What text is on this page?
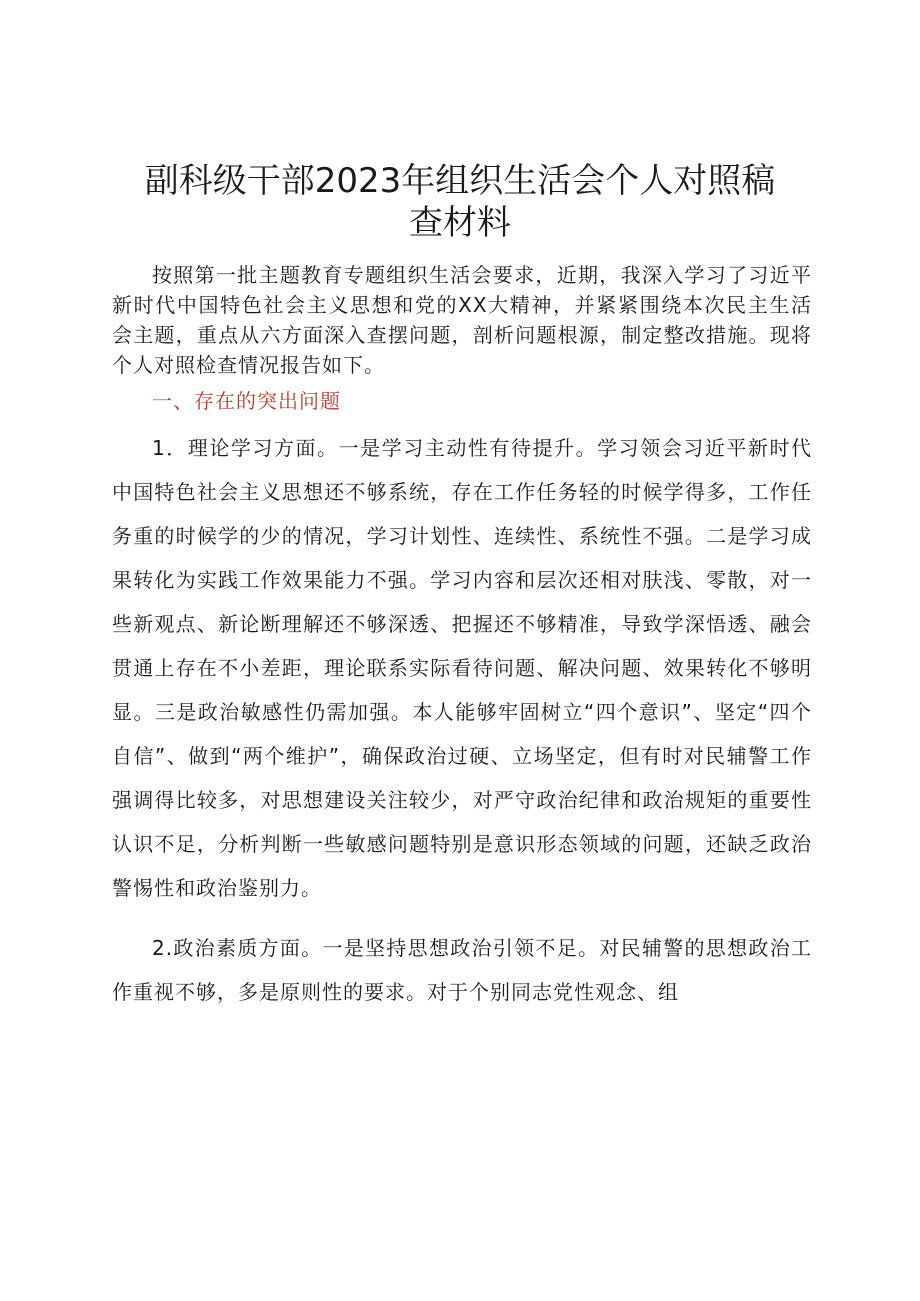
副科级干部2023年组织生活会个人对照稿
查材料

按照第一批主题教育专题组织生活会要求，近期，我深入学习了习近平新时代中国特色社会主义思想和党的XX大精神，并紧紧围绕本次民主生活会主题，重点从六方面深入查摆问题，剖析问题根源，制定整改措施。现将个人对照检查情况报告如下。

一、存在的突出问题

1．理论学习方面。一是学习主动性有待提升。学习领会习近平新时代中国特色社会主义思想还不够系统，存在工作任务轻的时候学得多，工作任务重的时候学的少的情况，学习计划性、连续性、系统性不强。二是学习成果转化为实践工作效果能力不强。学习内容和层次还相对肤浅、零散，对一些新观点、新论断理解还不够深透、把握还不够精准，导致学深悟透、融会贯通上存在不小差距，理论联系实际看待问题、解决问题、效果转化不够明显。三是政治敏感性仍需加强。本人能够牢固树立“四个意识”、坚定“四个自信”、做到“两个维护”，确保政治过硬、立场坚定，但有时对民辅警工作强调得比较多，对思想建设关注较少，对严守政治纪律和政治规矩的重要性认识不足，分析判断一些敏感问题特别是意识形态领域的问题，还缺乏政治警惕性和政治鉴别力。

2.政治素质方面。一是坚持思想政治引领不足。对民辅警的思想政治工作重视不够，多是原则性的要求。对于个别同志党性观念、组
